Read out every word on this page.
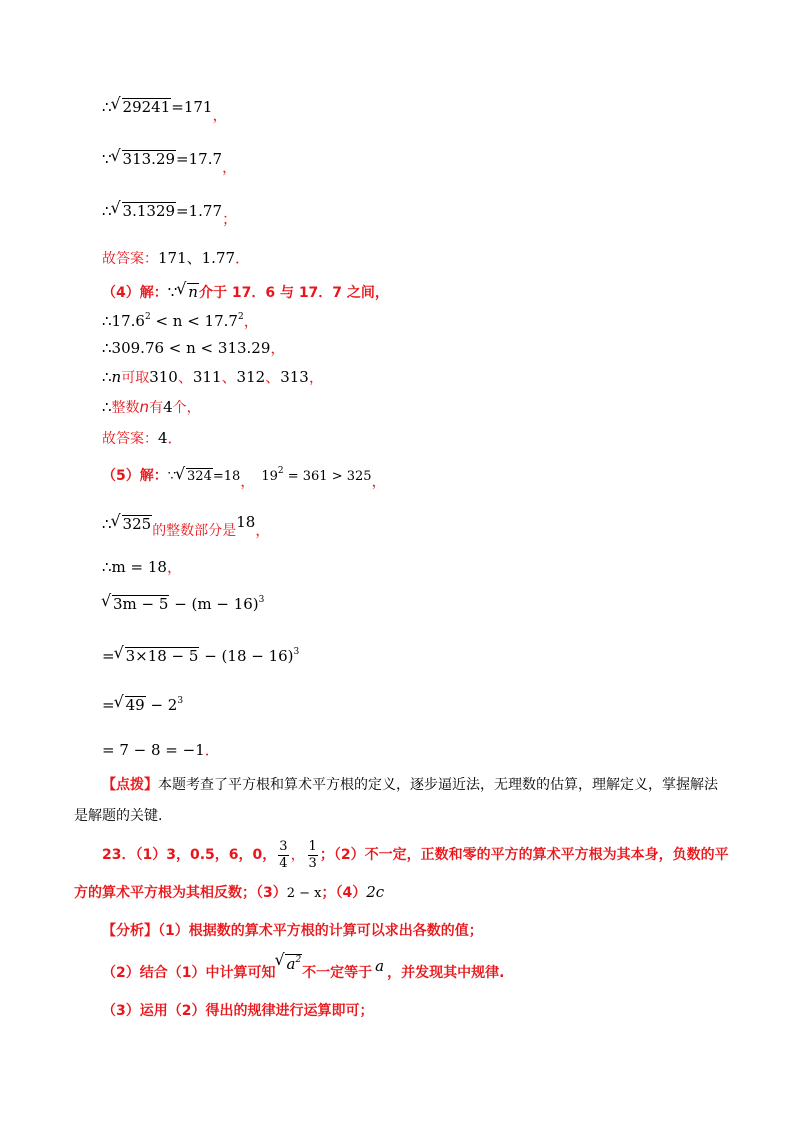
∴ √ 29241=171，
∵ √ 313.29=17.7，
∴ √ 3.1329=1.77；
故答案：171、1.77．
（4）解：∵ √ n介于 17．6 与 17．7 之间，
$\therefore 17.6^2 < n < 17.7^2$，
∴309.76 < n < 313.29，
∴n可取310、311、312、313，
∴整数n有4个，
故答案：4．
（5）解：∵ √ 324=18， $19^2 = 361 > 325$，
∴ √ 325的整数部分是18，
∴m = 18，
√ $3m - 5 - (m - 16)^3$
= √ $3\times 18 - 5 - (18 - 16)^3$
= √ $49 - 2^3$
= 7 − 8 = −1．
【点拨】本题考查了平方根和算术平方根的定义，逐步逼近法，无理数的估算，理解定义，掌握解法
是解题的关键.
23．（1）3，0.5，6，0， $\frac{3}{4}$ ， $\frac{1}{3}$ ；（2）不一定，正数和零的平方的算术平方根为其本身，负数的平
方的算术平方根为其相反数；（3）2 − x；（4）2c
【分析】（1）根据数的算术平方根的计算可以求出各数的值；
（2）结合（1）中计算可知 √ $a^2$不一定等于 a ，并发现其中规律.
（3）运用（2）得出的规律进行运算即可；
